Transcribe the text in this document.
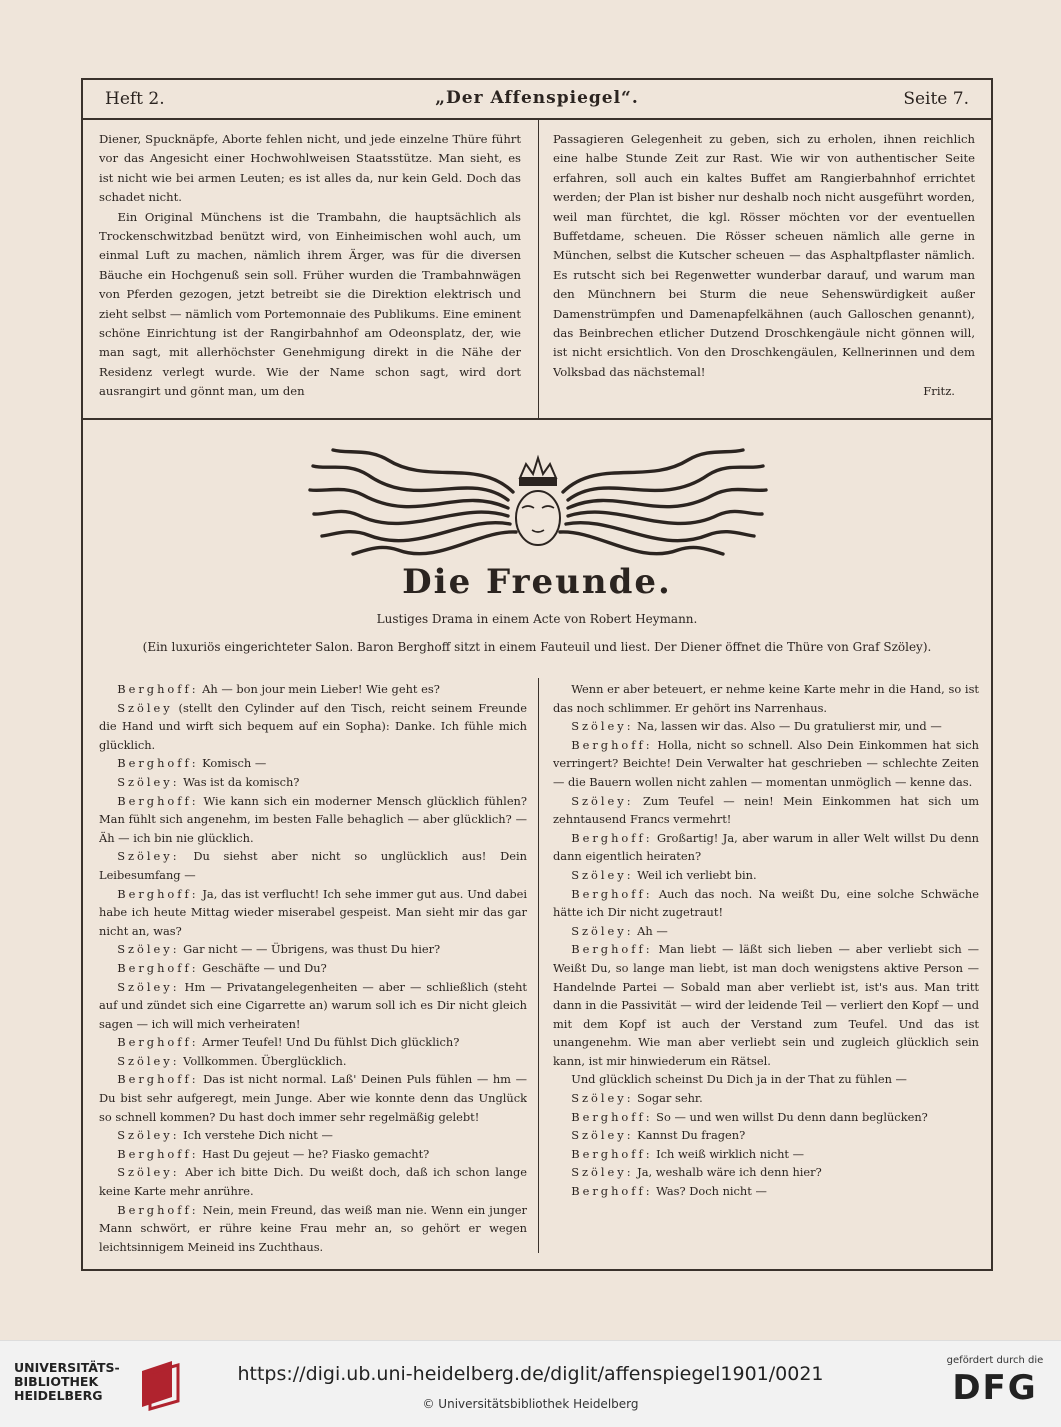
Heft 2.	„Der Affenspiegel“.	Seite 7.

Diener, Spucknäpfe, Aborte fehlen nicht, und jede einzelne Thüre führt vor das Angesicht einer Hochwohlweisen Staatsstütze. Man sieht, es ist nicht wie bei armen Leuten; es ist alles da, nur kein Geld. Doch das schadet nicht.

Ein Original Münchens ist die Trambahn, die hauptsächlich als Trockenschwitzbad benützt wird, von Einheimischen wohl auch, um einmal Luft zu machen, nämlich ihrem Ärger, was für die diversen Bäuche ein Hochgenuß sein soll. Früher wurden die Trambahnwägen von Pferden gezogen, jetzt betreibt sie die Direktion elektrisch und zieht selbst — nämlich vom Portemonnaie des Publikums. Eine eminent schöne Einrichtung ist der Rangirbahnhof am Odeonsplatz, der, wie man sagt, mit allerhöchster Genehmigung direkt in die Nähe der Residenz verlegt wurde. Wie der Name schon sagt, wird dort ausrangirt und gönnt man, um den

Passagieren Gelegenheit zu geben, sich zu erholen, ihnen reichlich eine halbe Stunde Zeit zur Rast. Wie wir von authentischer Seite erfahren, soll auch ein kaltes Buffet am Rangierbahnhof errichtet werden; der Plan ist bisher nur deshalb noch nicht ausgeführt worden, weil man fürchtet, die kgl. Rösser möchten vor der eventuellen Buffetdame, scheuen. Die Rösser scheuen nämlich alle gerne in München, selbst die Kutscher scheuen — das Asphaltpflaster nämlich. Es rutscht sich bei Regenwetter wunderbar darauf, und warum man den Münchnern bei Sturm die neue Sehenswürdigkeit außer Damenstrümpfen und Damenapfelkähnen (auch Galloschen genannt), das Beinbrechen etlicher Dutzend Droschkengäule nicht gönnen will, ist nicht ersichtlich. Von den Droschkengäulen, Kellnerinnen und dem Volksbad das nächstemal!

Fritz.

Die Freunde.
Lustiges Drama in einem Acte von Robert Heymann.
(Ein luxuriös eingerichteter Salon. Baron Berghoff sitzt in einem Fauteuil und liest. Der Diener öffnet die Thüre von Graf Szöley).

Berghoff: Ah — bon jour mein Lieber! Wie geht es?

Szöley (stellt den Cylinder auf den Tisch, reicht seinem Freunde die Hand und wirft sich bequem auf ein Sopha): Danke. Ich fühle mich glücklich.

Berghoff: Komisch —

Szöley: Was ist da komisch?

Berghoff: Wie kann sich ein moderner Mensch glücklich fühlen? Man fühlt sich angenehm, im besten Falle behaglich — aber glücklich? — Äh — ich bin nie glücklich.

Szöley: Du siehst aber nicht so unglücklich aus! Dein Leibesumfang —

Berghoff: Ja, das ist verflucht! Ich sehe immer gut aus. Und dabei habe ich heute Mittag wieder miserabel gespeist. Man sieht mir das gar nicht an, was?

Szöley: Gar nicht — — Übrigens, was thust Du hier?

Berghoff: Geschäfte — und Du?

Szöley: Hm — Privatangelegenheiten — aber — schließlich (steht auf und zündet sich eine Cigarrette an) warum soll ich es Dir nicht gleich sagen — ich will mich verheiraten!

Berghoff: Armer Teufel! Und Du fühlst Dich glücklich?

Szöley: Vollkommen. Überglücklich.

Berghoff: Das ist nicht normal. Laß' Deinen Puls fühlen — hm — Du bist sehr aufgeregt, mein Junge. Aber wie konnte denn das Unglück so schnell kommen? Du hast doch immer sehr regelmäßig gelebt!

Szöley: Ich verstehe Dich nicht —

Berghoff: Hast Du gejeut — he? Fiasko gemacht?

Szöley: Aber ich bitte Dich. Du weißt doch, daß ich schon lange keine Karte mehr anrühre.

Berghoff: Nein, mein Freund, das weiß man nie. Wenn ein junger Mann schwört, er rühre keine Frau mehr an, so gehört er wegen leichtsinnigem Meineid ins Zuchthaus.

Wenn er aber beteuert, er nehme keine Karte mehr in die Hand, so ist das noch schlimmer. Er gehört ins Narrenhaus.

Szöley: Na, lassen wir das. Also — Du gratulierst mir, und —

Berghoff: Holla, nicht so schnell. Also Dein Einkommen hat sich verringert? Beichte! Dein Verwalter hat geschrieben — schlechte Zeiten — die Bauern wollen nicht zahlen — momentan unmöglich — kenne das.

Szöley: Zum Teufel — nein! Mein Einkommen hat sich um zehntausend Francs vermehrt!

Berghoff: Großartig! Ja, aber warum in aller Welt willst Du denn dann eigentlich heiraten?

Szöley: Weil ich verliebt bin.

Berghoff: Auch das noch. Na weißt Du, eine solche Schwäche hätte ich Dir nicht zugetraut!

Szöley: Ah —

Berghoff: Man liebt — läßt sich lieben — aber verliebt sich — Weißt Du, so lange man liebt, ist man doch wenigstens aktive Person — Handelnde Partei — Sobald man aber verliebt ist, ist's aus. Man tritt dann in die Passivität — wird der leidende Teil — verliert den Kopf — und mit dem Kopf ist auch der Verstand zum Teufel. Und das ist unangenehm. Wie man aber verliebt sein und zugleich glücklich sein kann, ist mir hinwiederum ein Rätsel.

Und glücklich scheinst Du Dich ja in der That zu fühlen —

Szöley: Sogar sehr.

Berghoff: So — und wen willst Du denn dann beglücken?

Szöley: Kannst Du fragen?

Berghoff: Ich weiß wirklich nicht —

Szöley: Ja, weshalb wäre ich denn hier?

Berghoff: Was? Doch nicht —

UNIVERSITÄTS-
BIBLIOTHEK
HEIDELBERG
https://digi.ub.uni-heidelberg.de/diglit/affenspiegel1901/0021
© Universitätsbibliothek Heidelberg
gefördert durch die
DFG
